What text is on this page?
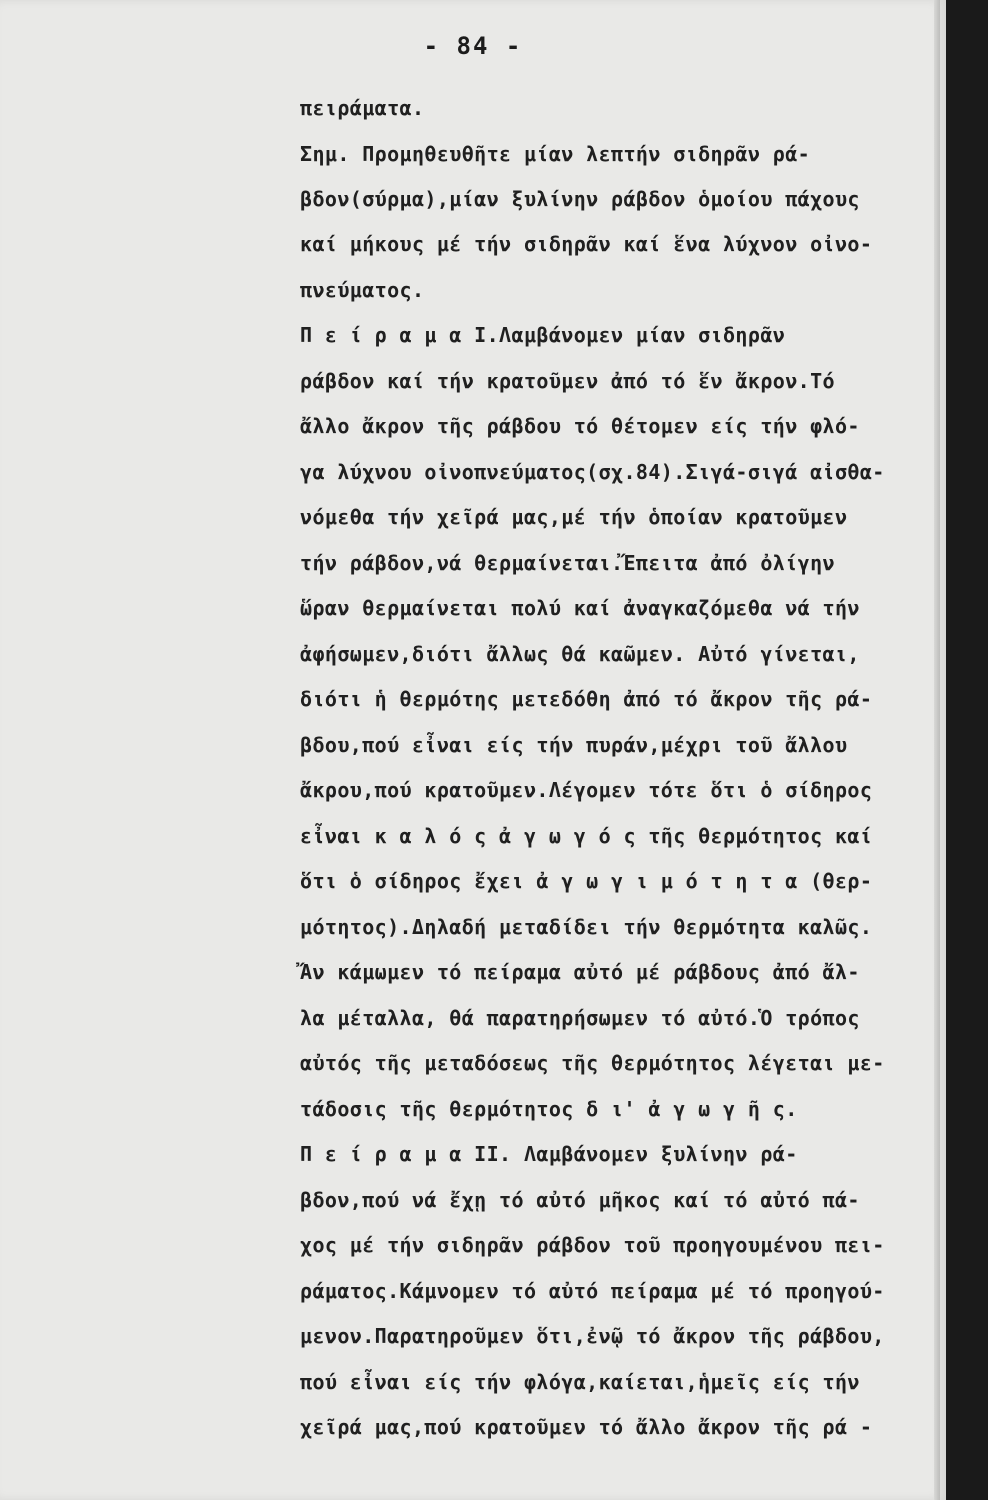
- 84 -
πειράματα.
Σημ. Προμηθευθῆτε μίαν λεπτήν σιδηρᾶν ρά-
βδον(σύρμα),μίαν ξυλίνην ράβδον ὁμοίου πάχους
καί μήκους μέ τήν σιδηρᾶν καί ἕνα λύχνον οἰνο-
πνεύματος.
Π ε ί ρ α μ α Ι.Λαμβάνομεν μίαν σιδηρᾶν
ράβδον καί τήν κρατοῦμεν ἀπό τό ἕν ἄκρον.Τό
ἄλλο ἄκρον τῆς ράβδου τό θέτομεν είς τήν φλό-
γα λύχνου οἰνοπνεύματος(σχ.84).Σιγά-σιγά αἰσθα-
νόμεθα τήν χεῖρά μας,μέ τήν ὁποίαν κρατοῦμεν
τήν ράβδον,νά θερμαίνεται.Ἔπειτα ἀπό ὀλίγην
ὥραν θερμαίνεται πολύ καί ἀναγκαζόμεθα νά τήν
ἀφήσωμεν,διότι ἄλλως θά καῶμεν. Αὐτό γίνεται,
διότι ἡ θερμότης μετεδόθη ἀπό τό ἄκρον τῆς ρά-
βδου,πού εἶναι είς τήν πυράν,μέχρι τοῦ ἄλλου
ἄκρου,πού κρατοῦμεν.Λέγομεν τότε ὅτι ὁ σίδηρος
εἶναι κ α λ ό ς ἀ γ ω γ ό ς τῆς θερμότητος καί
ὅτι ὁ σίδηρος ἔχει ἀ γ ω γ ι μ ό τ η τ α (θερ-
μότητος).Δηλαδή μεταδίδει τήν θερμότητα καλῶς.
Ἄν κάμωμεν τό πείραμα αὐτό μέ ράβδους ἀπό ἄλ-
λα μέταλλα, θά παρατηρήσωμεν τό αὐτό.Ὁ τρόπος
αὐτός τῆς μεταδόσεως τῆς θερμότητος λέγεται με-
τάδοσις τῆς θερμότητος δ ι' ἀ γ ω γ ῆ ς.
Π ε ί ρ α μ α ΙΙ. Λαμβάνομεν ξυλίνην ρά-
βδον,πού νά ἔχῃ τό αὐτό μῆκος καί τό αὐτό πά-
χος μέ τήν σιδηρᾶν ράβδον τοῦ προηγουμένου πει-
ράματος.Κάμνομεν τό αὐτό πείραμα μέ τό προηγού-
μενον.Παρατηροῦμεν ὅτι,ἐνῷ τό ἄκρον τῆς ράβδου,
πού εἶναι είς τήν φλόγα,καίεται,ἡμεῖς είς τήν
χεῖρά μας,πού κρατοῦμεν τό ἄλλο ἄκρον τῆς ρά -
